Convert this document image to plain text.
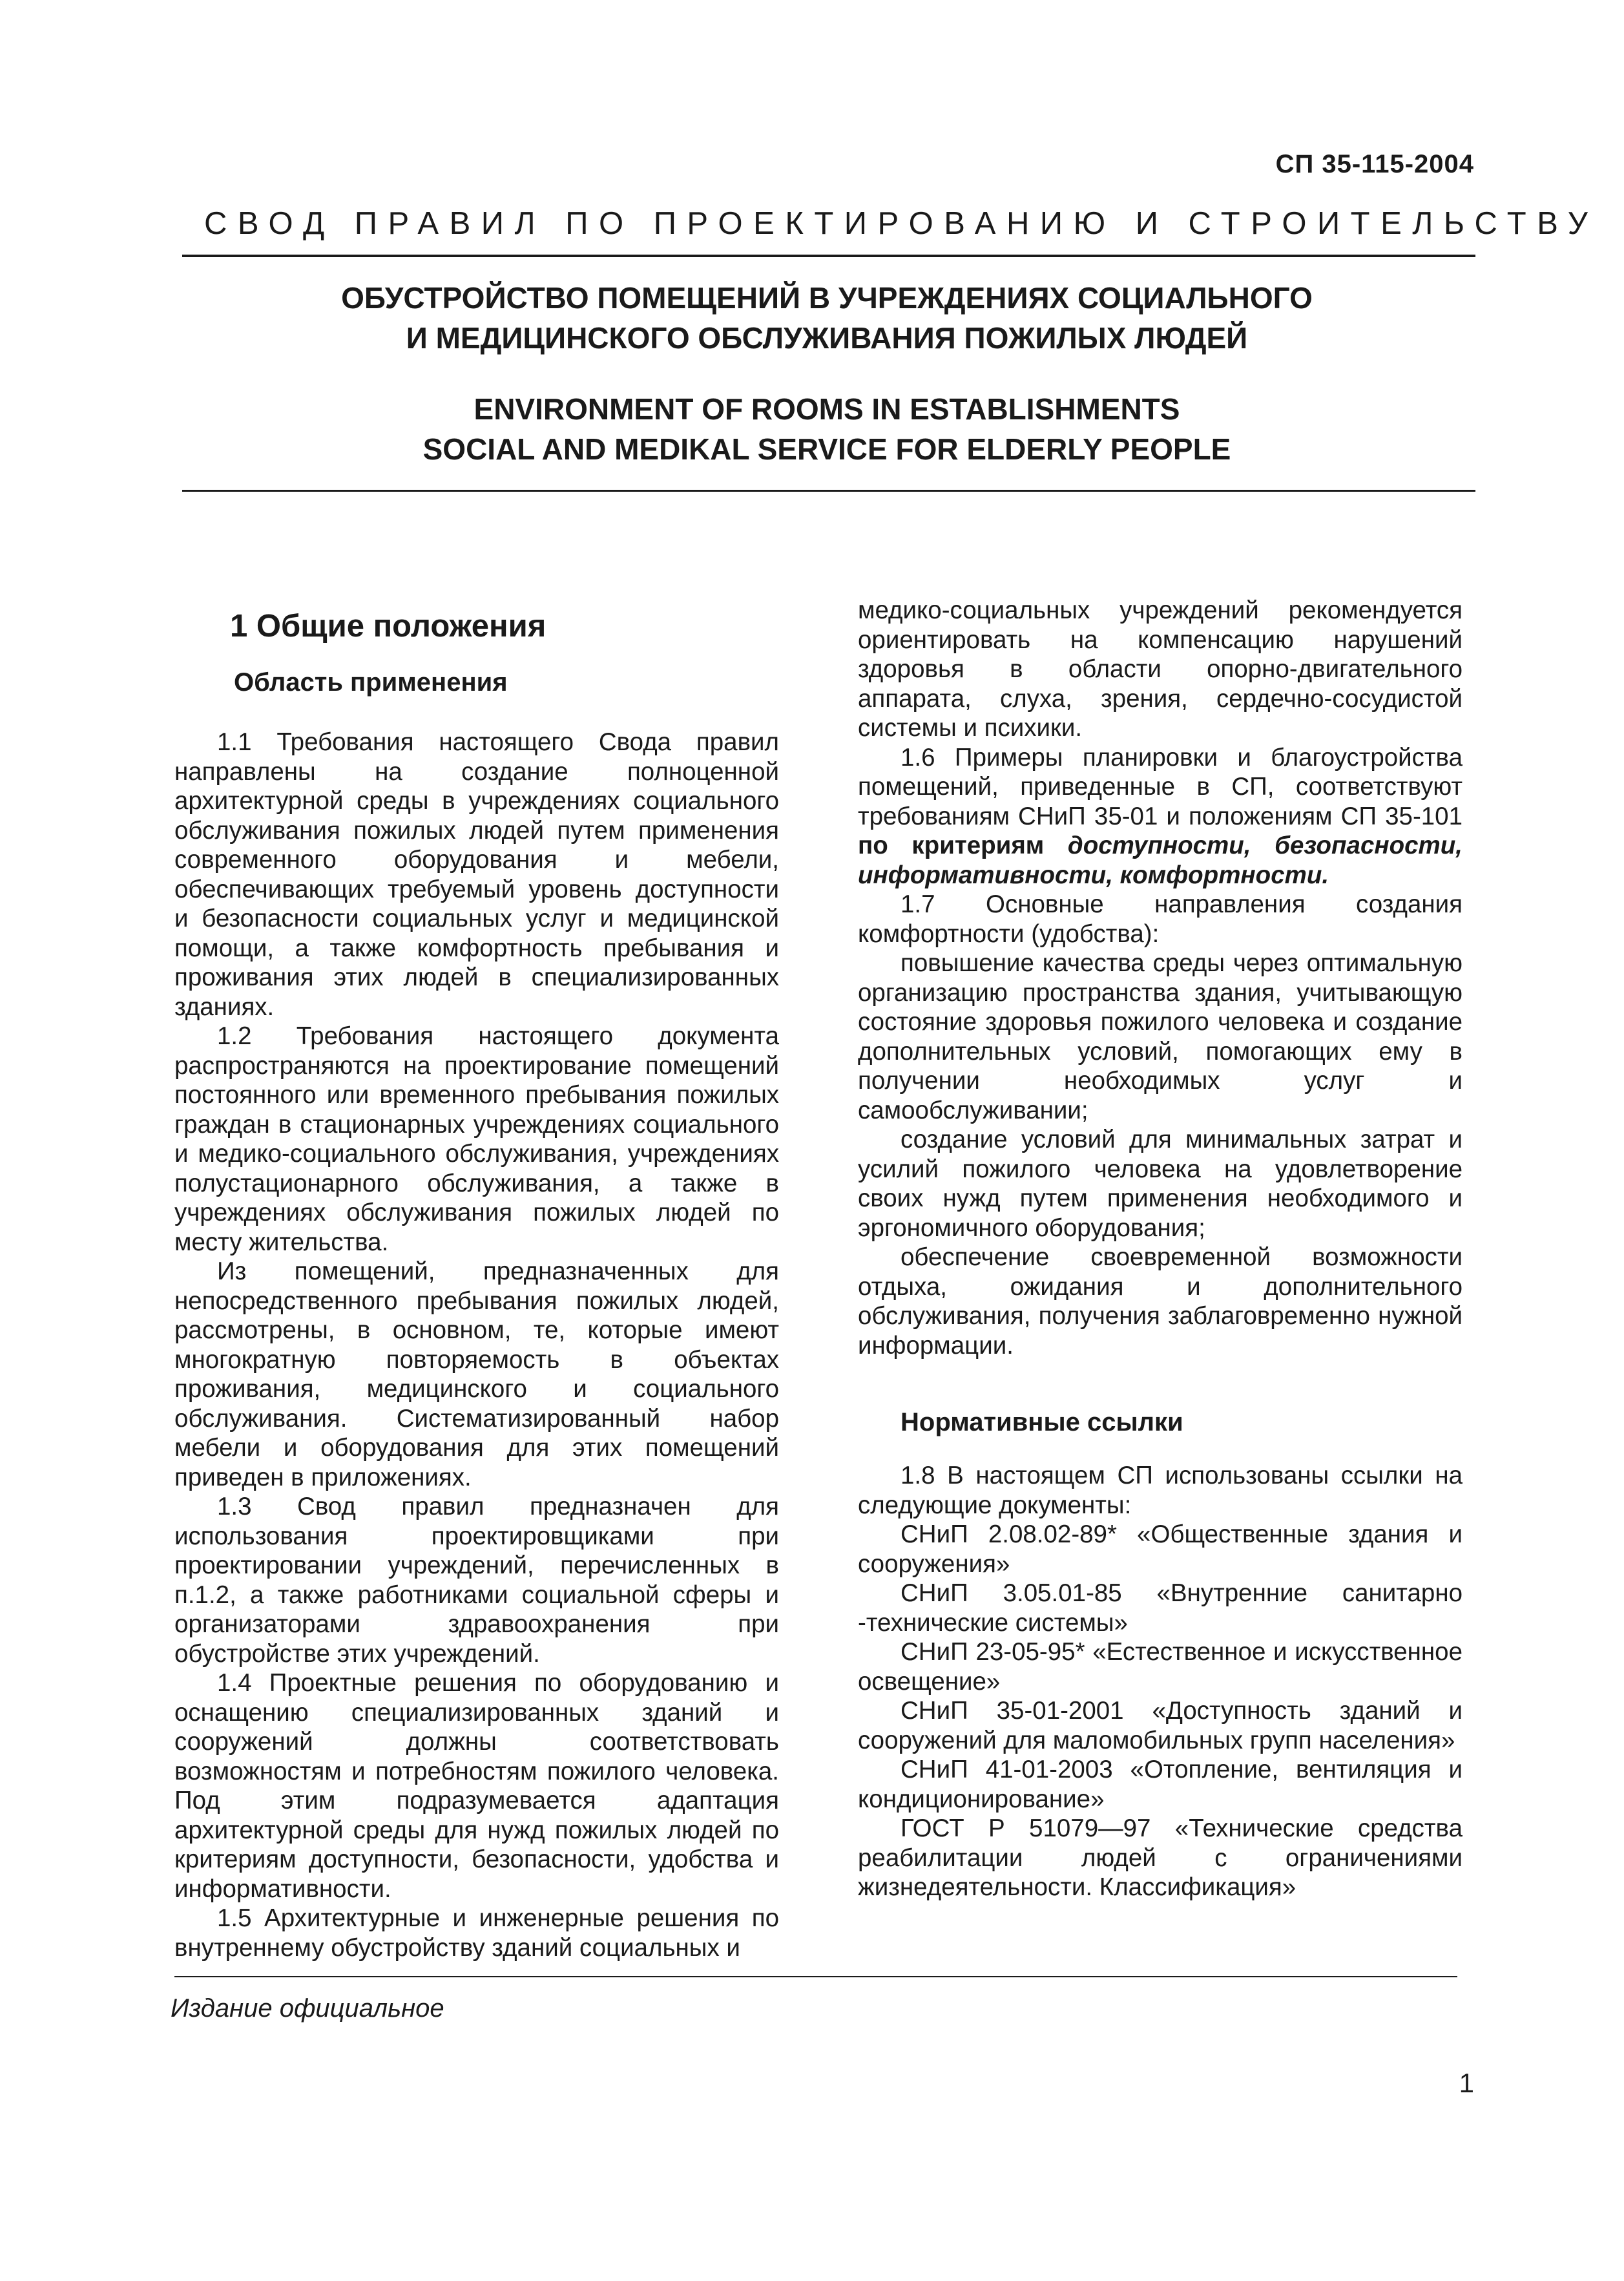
СП 35-115-2004
СВОД ПРАВИЛ ПО ПРОЕКТИРОВАНИЮ И СТРОИТЕЛЬСТВУ
ОБУСТРОЙСТВО ПОМЕЩЕНИЙ В УЧРЕЖДЕНИЯХ СОЦИАЛЬНОГО
И МЕДИЦИНСКОГО ОБСЛУЖИВАНИЯ ПОЖИЛЫХ ЛЮДЕЙ
ENVIRONMENT OF ROOMS IN ESTABLISHMENTS
SOCIAL AND MEDIKAL SERVICE FOR ELDERLY PEOPLE
1 Общие положения
Область применения

1.1 Требования настоящего Свода правил направлены на создание полноценной архитектурной среды в учреждениях социального обслуживания пожилых людей путем применения современного оборудования и мебели, обеспечивающих требуемый уровень доступности и безопасности социальных услуг и медицинской помощи, а также комфортность пребывания и проживания этих людей в специализированных зданиях.

1.2 Требования настоящего документа распространяются на проектирование помещений постоянного или временного пребывания пожилых граждан в стационарных учреждениях социального и медико-социального обслуживания, учреждениях полустационарного обслуживания, а также в учреждениях обслуживания пожилых людей по месту жительства.

Из помещений, предназначенных для непосредственного пребывания пожилых людей, рассмотрены, в основном, те, которые имеют многократную повторяемость в объектах проживания, медицинского и социального обслуживания. Систематизированный набор мебели и оборудования для этих помещений приведен в приложениях.

1.3 Свод правил предназначен для использования проектировщиками при проектировании учреждений, перечисленных в п.1.2, а также работниками социальной сферы и организаторами здравоохранения при обустройстве этих учреждений.

1.4 Проектные решения по оборудованию и оснащению специализированных зданий и сооружений должны соответствовать возможностям и потребностям пожилого человека. Под этим подразумевается адаптация архитектурной среды для нужд пожилых людей по критериям доступности, безопасности, удобства и информативности.

1.5 Архитектурные и инженерные решения по внутреннему обустройству зданий социальных и

медико-социальных учреждений рекомендуется ориентировать на компенсацию нарушений здоровья в области опорно-двигательного аппарата, слуха, зрения, сердечно-сосудистой системы и психики.

1.6 Примеры планировки и благоустройства помещений, приведенные в СП, соответствуют требованиям СНиП 35-01 и положениям СП 35-101 по критериям доступности, безопасности, информативности, комфортности.

1.7 Основные направления создания комфортности (удобства):

повышение качества среды через оптимальную организацию пространства здания, учитывающую состояние здоровья пожилого человека и создание дополнительных условий, помогающих ему в получении необходимых услуг и самообслуживании;

создание условий для минимальных затрат и усилий пожилого человека на удовлетворение своих нужд путем применения необходимого и эргономичного оборудования;

обеспечение своевременной возможности отдыха, ожидания и дополнительного обслуживания, получения заблаговременно нужной информации.

Нормативные ссылки

1.8 В настоящем СП использованы ссылки на следующие документы:

СНиП 2.08.02-89* «Общественные здания и сооружения»

СНиП 3.05.01-85 «Внутренние санитарно -технические системы»

СНиП 23-05-95* «Естественное и искусственное освещение»

СНиП 35-01-2001 «Доступность зданий и сооружений для маломобильных групп населения»

СНиП 41-01-2003 «Отопление, вентиляция и кондиционирование»

ГОСТ Р 51079—97 «Технические средства реабилитации людей с ограничениями жизнедеятельности. Классификация»

Издание официальное
1
